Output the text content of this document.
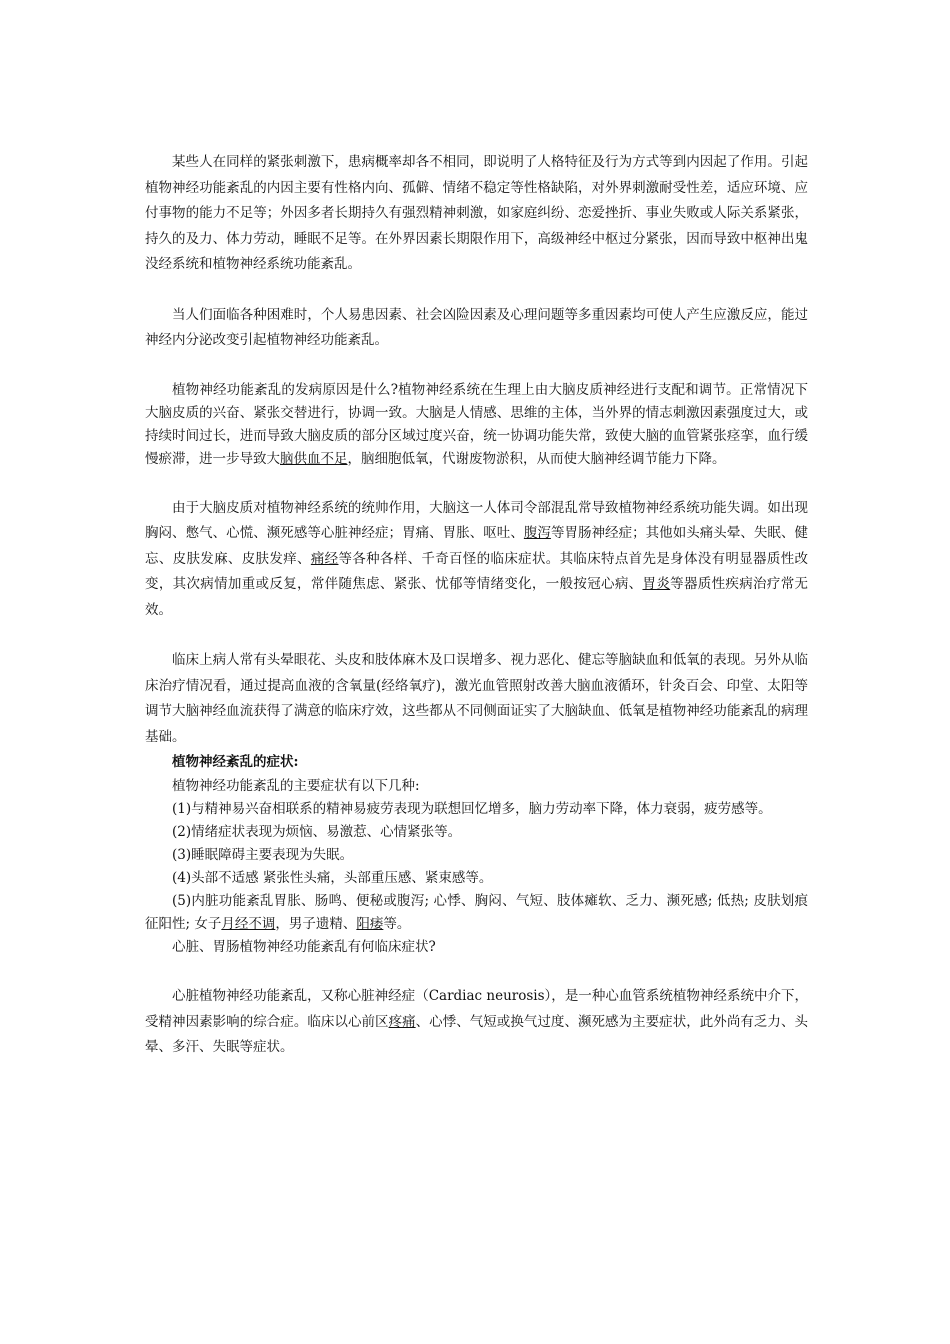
某些人在同样的紧张刺激下，患病概率却各不相同，即说明了人格特征及行为方式等到内因起了作用。引起植物神经功能紊乱的内因主要有性格内向、孤僻、情绪不稳定等性格缺陷，对外界刺激耐受性差，适应环境、应付事物的能力不足等；外因多者长期持久有强烈精神刺激，如家庭纠纷、恋爱挫折、事业失败或人际关系紧张，持久的及力、体力劳动，睡眠不足等。在外界因素长期限作用下，高级神经中枢过分紧张，因而导致中枢神出鬼没经系统和植物神经系统功能紊乱。

当人们面临各种困难时，个人易患因素、社会凶险因素及心理问题等多重因素均可使人产生应激反应，能过神经内分泌改变引起植物神经功能紊乱。

植物神经功能紊乱的发病原因是什么?植物神经系统在生理上由大脑皮质神经进行支配和调节。正常情况下大脑皮质的兴奋、紧张交替进行，协调一致。大脑是人情感、思维的主体，当外界的情志刺激因素强度过大，或持续时间过长，进而导致大脑皮质的部分区域过度兴奋，统一协调功能失常，致使大脑的血管紧张痉挛，血行缓慢瘀滞，进一步导致大脑供血不足，脑细胞低氧，代谢废物淤积，从而使大脑神经调节能力下降。

由于大脑皮质对植物神经系统的统帅作用，大脑这一人体司令部混乱常导致植物神经系统功能失调。如出现胸闷、憋气、心慌、濒死感等心脏神经症；胃痛、胃胀、呕吐、腹泻等胃肠神经症；其他如头痛头晕、失眠、健忘、皮肤发麻、皮肤发痒、痛经等各种各样、千奇百怪的临床症状。其临床特点首先是身体没有明显器质性改变，其次病情加重或反复，常伴随焦虑、紧张、忧郁等情绪变化，一般按冠心病、胃炎等器质性疾病治疗常无效。

临床上病人常有头晕眼花、头皮和肢体麻木及口误增多、视力恶化、健忘等脑缺血和低氧的表现。另外从临床治疗情况看，通过提高血液的含氧量(经络氧疗)，激光血管照射改善大脑血液循环，针灸百会、印堂、太阳等调节大脑神经血流获得了满意的临床疗效，这些都从不同侧面证实了大脑缺血、低氧是植物神经功能紊乱的病理基础。

植物神经紊乱的症状:

植物神经功能紊乱的主要症状有以下几种:

(1)与精神易兴奋相联系的精神易疲劳表现为联想回忆增多，脑力劳动率下降，体力衰弱，疲劳感等。

(2)情绪症状表现为烦恼、易激惹、心情紧张等。

(3)睡眠障碍主要表现为失眠。

(4)头部不适感 紧张性头痛，头部重压感、紧束感等。

(5)内脏功能紊乱胃胀、肠鸣、便秘或腹泻; 心悸、胸闷、气短、肢体瘫软、乏力、濒死感; 低热; 皮肤划痕征阳性; 女子月经不调，男子遗精、阳痿等。

心脏、胃肠植物神经功能紊乱有何临床症状?

心脏植物神经功能紊乱，又称心脏神经症（Cardiac neurosis），是一种心血管系统植物神经系统中介下，受精神因素影响的综合症。临床以心前区疼痛、心悸、气短或换气过度、濒死感为主要症状，此外尚有乏力、头晕、多汗、失眠等症状。
